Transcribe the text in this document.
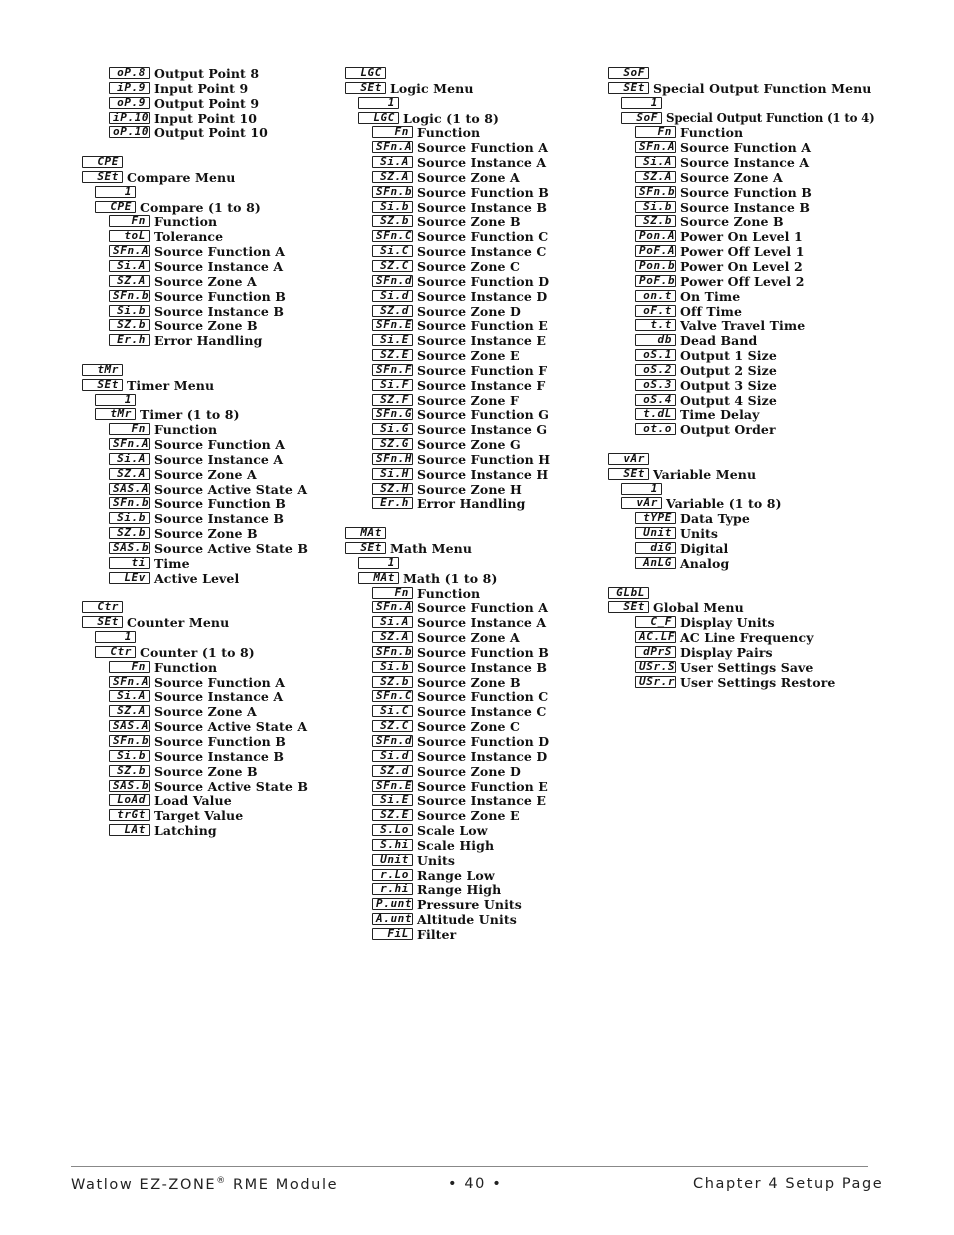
oP.8 Output Point 8
iP.9 Input Point 9
oP.9 Output Point 9
iP.10 Input Point 10
oP.10 Output Point 10
CPE
SEt Compare Menu
1
CPE Compare (1 to 8)
Fn Function
toL Tolerance
SFn.A Source Function A
Si.A Source Instance A
SZ.A Source Zone A
SFn.b Source Function B
Si.b Source Instance B
SZ.b Source Zone B
Er.h Error Handling
tMr
SEt Timer Menu
1
tMr Timer (1 to 8)
Fn Function
SFn.A Source Function A
Si.A Source Instance A
SZ.A Source Zone A
SAS.A Source Active State A
SFn.b Source Function B
Si.b Source Instance B
SZ.b Source Zone B
SAS.b Source Active State B
ti Time
LEv Active Level
Ctr
SEt Counter Menu
1
Ctr Counter (1 to 8)
Fn Function
SFn.A Source Function A
Si.A Source Instance A
SZ.A Source Zone A
SAS.A Source Active State A
SFn.b Source Function B
Si.b Source Instance B
SZ.b Source Zone B
SAS.b Source Active State B
LoAd Load Value
trGt Target Value
LAt Latching
LGC
SEt Logic Menu
1
LGC Logic (1 to 8)
Fn Function
SFn.A Source Function A
Si.A Source Instance A
SZ.A Source Zone A
SFn.b Source Function B
Si.b Source Instance B
SZ.b Source Zone B
SFn.C Source Function C
Si.C Source Instance C
SZ.C Source Zone C
SFn.d Source Function D
Si.d Source Instance D
SZ.d Source Zone D
SFn.E Source Function E
Si.E Source Instance E
SZ.E Source Zone E
SFn.F Source Function F
Si.F Source Instance F
SZ.F Source Zone F
SFn.G Source Function G
Si.G Source Instance G
SZ.G Source Zone G
SFn.H Source Function H
Si.H Source Instance H
SZ.H Source Zone H
Er.h Error Handling
MAt
SEt Math Menu
1
MAt Math (1 to 8)
Fn Function
SFn.A Source Function A
Si.A Source Instance A
SZ.A Source Zone A
SFn.b Source Function B
Si.b Source Instance B
SZ.b Source Zone B
SFn.C Source Function C
Si.C Source Instance C
SZ.C Source Zone C
SFn.d Source Function D
Si.d Source Instance D
SZ.d Source Zone D
SFn.E Source Function E
Si.E Source Instance E
SZ.E Source Zone E
S.Lo Scale Low
S.hi Scale High
Unit Units
r.Lo Range Low
r.hi Range High
P.unt Pressure Units
A.unt Altitude Units
FiL Filter
SoF
SEt Special Output Function Menu
1
SoF Special Output Function (1 to 4)
Fn Function
SFn.A Source Function A
Si.A Source Instance A
SZ.A Source Zone A
SFn.b Source Function B
Si.b Source Instance B
SZ.b Source Zone B
Pon.A Power On Level 1
PoF.A Power Off Level 1
Pon.b Power On Level 2
PoF.b Power Off Level 2
on.t On Time
oF.t Off Time
t.t Valve Travel Time
db Dead Band
oS.1 Output 1 Size
oS.2 Output 2 Size
oS.3 Output 3 Size
oS.4 Output 4 Size
t.dL Time Delay
ot.o Output Order
vAr
SEt Variable Menu
1
vAr Variable (1 to 8)
tYPE Data Type
Unit Units
diG Digital
AnLG Analog
GLbL
SEt Global Menu
C_F Display Units
AC.LF AC Line Frequency
dPrS Display Pairs
USr.S User Settings Save
USr.r User Settings Restore
Watlow EZ-ZONE® RME Module	• 40 •	Chapter 4 Setup Page
